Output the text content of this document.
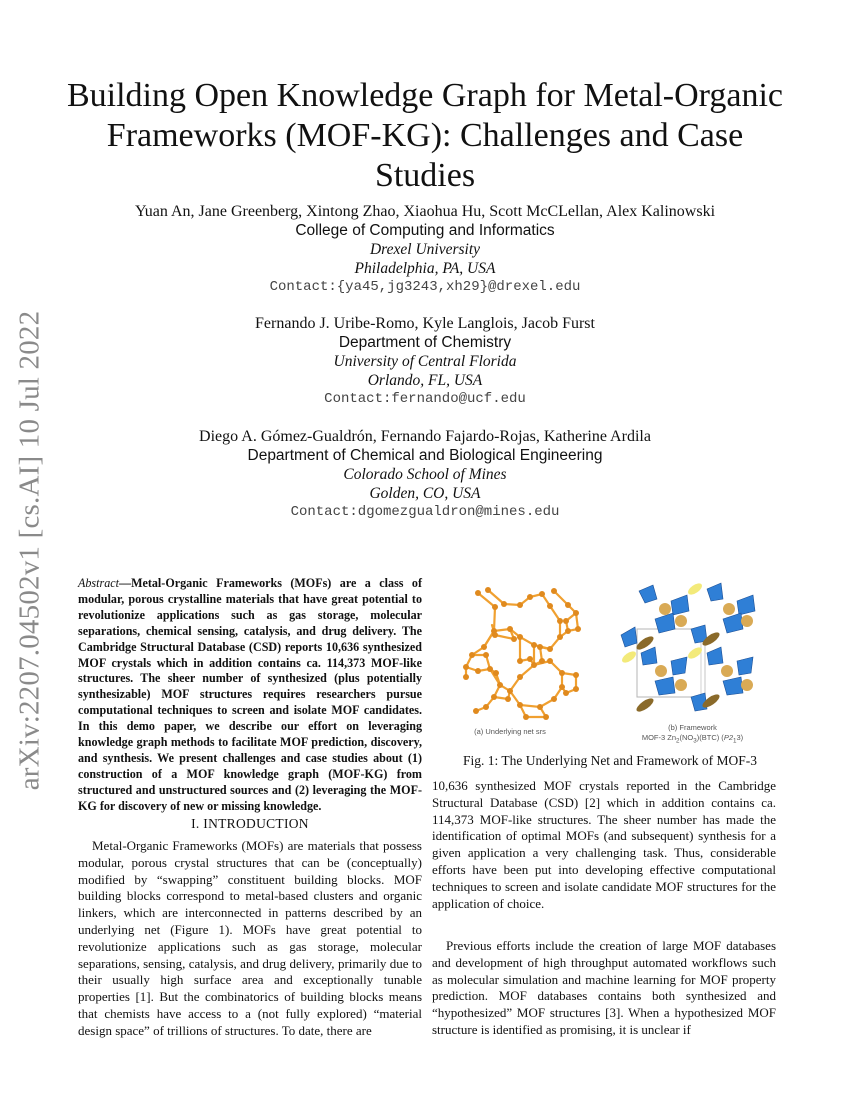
arXiv:2207.04502v1 [cs.AI] 10 Jul 2022
Building Open Knowledge Graph for Metal-Organic
Frameworks (MOF-KG): Challenges and Case
Studies
Yuan An, Jane Greenberg, Xintong Zhao, Xiaohua Hu, Scott McCLellan, Alex Kalinowski
College of Computing and Informatics
Drexel University
Philadelphia, PA, USA
Contact:{ya45,jg3243,xh29}@drexel.edu
Fernando J. Uribe-Romo, Kyle Langlois, Jacob Furst
Department of Chemistry
University of Central Florida
Orlando, FL, USA
Contact:fernando@ucf.edu
Diego A. Gómez-Gualdrón, Fernando Fajardo-Rojas, Katherine Ardila
Department of Chemical and Biological Engineering
Colorado School of Mines
Golden, CO, USA
Contact:dgomezgualdron@mines.edu
Abstract—Metal-Organic Frameworks (MOFs) are a class of modular, porous crystalline materials that have great potential to revolutionize applications such as gas storage, molecular separations, chemical sensing, catalysis, and drug delivery. The Cambridge Structural Database (CSD) reports 10,636 synthesized MOF crystals which in addition contains ca. 114,373 MOF-like structures. The sheer number of synthesized (plus potentially synthesizable) MOF structures requires researchers pursue computational techniques to screen and isolate MOF candidates. In this demo paper, we describe our effort on leveraging knowledge graph methods to facilitate MOF prediction, discovery, and synthesis. We present challenges and case studies about (1) construction of a MOF knowledge graph (MOF-KG) from structured and unstructured sources and (2) leveraging the MOF-KG for discovery of new or missing knowledge.
(a) Underlying net srs	(b) Framework
MOF-3 $Zn_2(NO_3)(BTC)$ $(P2_13)$
Fig. 1: The Underlying Net and Framework of MOF-3
I. INTRODUCTION
Metal-Organic Frameworks (MOFs) are materials that possess modular, porous crystal structures that can be (conceptually) modified by “swapping” constituent building blocks. MOF building blocks correspond to metal-based clusters and organic linkers, which are interconnected in patterns described by an underlying net (Figure 1). MOFs have great potential to revolutionize applications such as gas storage, molecular separations, sensing, catalysis, and drug delivery, primarily due to their usually high surface area and exceptionally tunable properties [1]. But the combinatorics of building blocks means that chemists have access to a (not fully explored) “material design space” of trillions of structures. To date, there are
10,636 synthesized MOF crystals reported in the Cambridge Structural Database (CSD) [2] which in addition contains ca. 114,373 MOF-like structures. The sheer number has made the identification of optimal MOFs (and subsequent) synthesis for a given application a very challenging task. Thus, considerable efforts have been put into developing effective computational techniques to screen and isolate candidate MOF structures for the application of choice.
Previous efforts include the creation of large MOF databases and development of high throughput automated workflows such as molecular simulation and machine learning for MOF property prediction. MOF databases contains both synthesized and “hypothesized” MOF structures [3]. When a hypothesized MOF structure is identified as promising, it is unclear if
